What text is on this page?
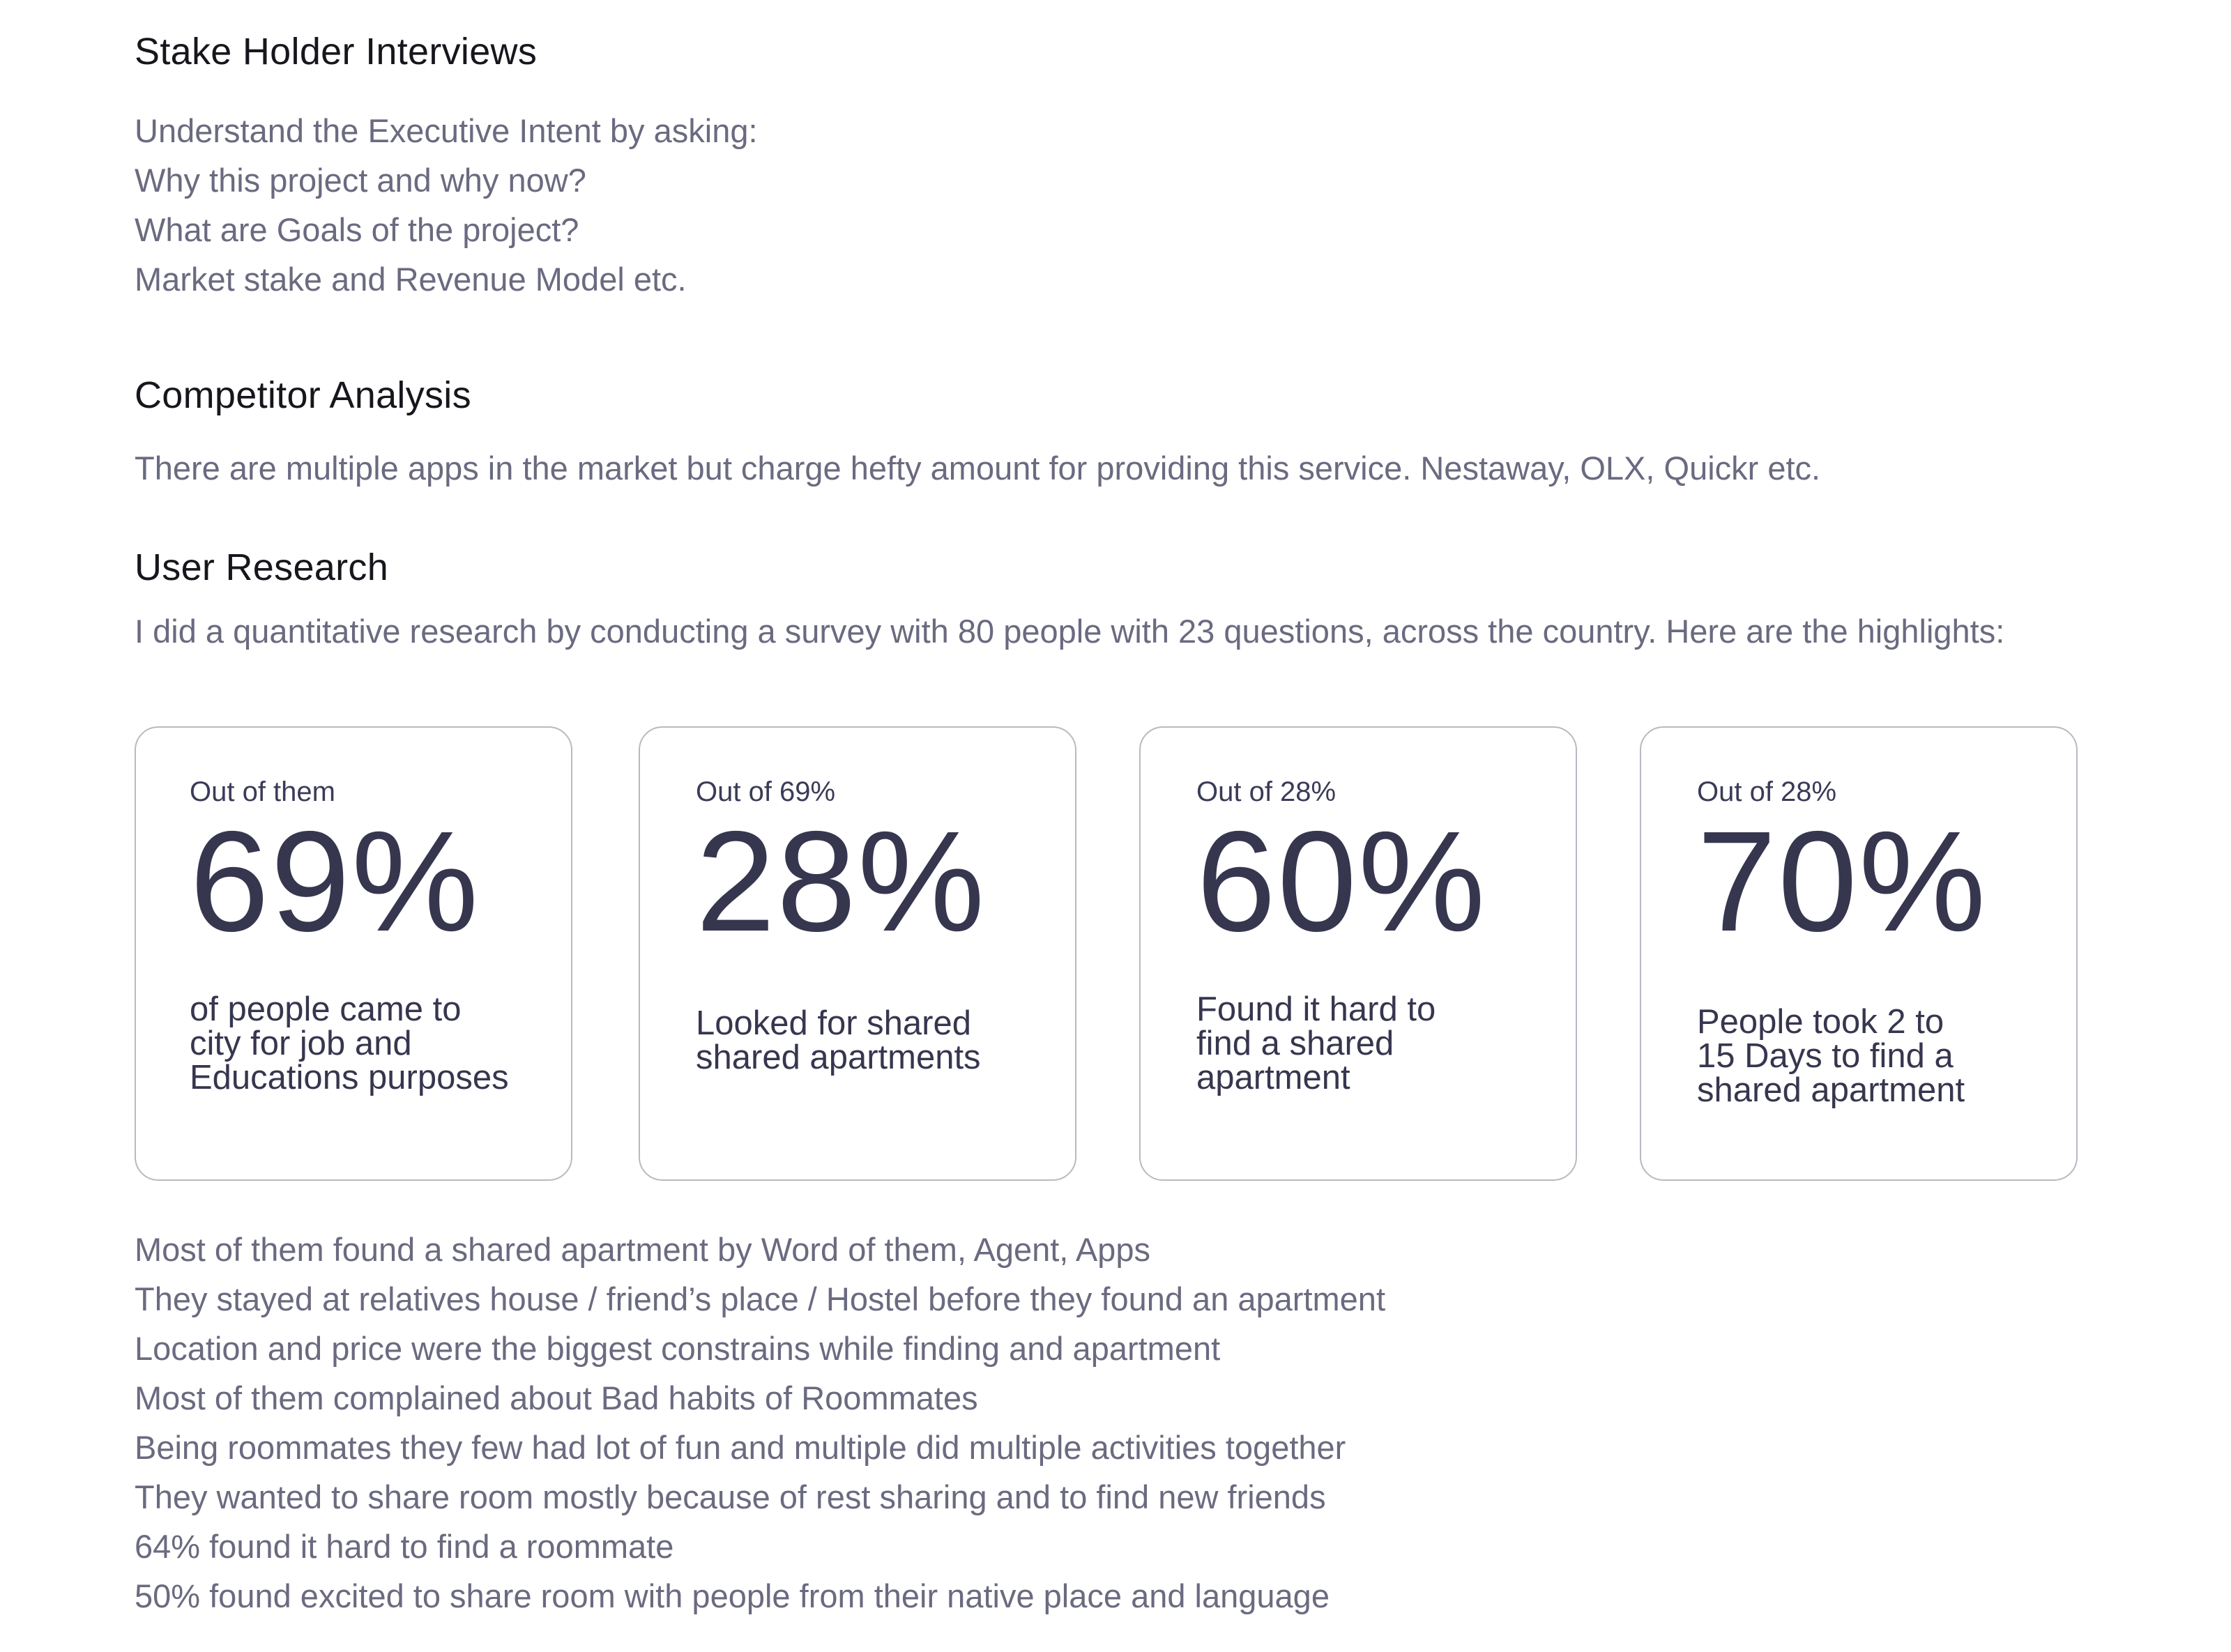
Stake Holder Interviews

Understand the Executive Intent by asking:

Why this project and why now?

What are Goals of the project?

Market stake and Revenue Model etc.

Competitor Analysis

There are multiple apps in the market but charge hefty amount for providing this service. Nestaway, OLX, Quickr etc.

User Research

I did a quantitative research by conducting a survey with 80 people with 23 questions, across the country. Here are the highlights:

Out of them
69%
of people came to city for job and Educations purposes
Out of 69%
28%
Looked for shared shared apartments
Out of 28%
60%
Found it hard to find a shared apartment
Out of 28%
70%
People took 2 to 15 Days to find a shared apartment

Most of them found a shared apartment by Word of them, Agent, Apps

They stayed at relatives house / friend’s place / Hostel before they found an apartment

Location and price were the biggest constrains while finding and apartment

Most of them complained about Bad habits of Roommates

Being roommates they few had lot of fun and multiple did multiple activities together

They wanted to share room mostly because of rest sharing and to find new friends

64% found it hard to find a roommate

50% found excited to share room with people from their native place and language
